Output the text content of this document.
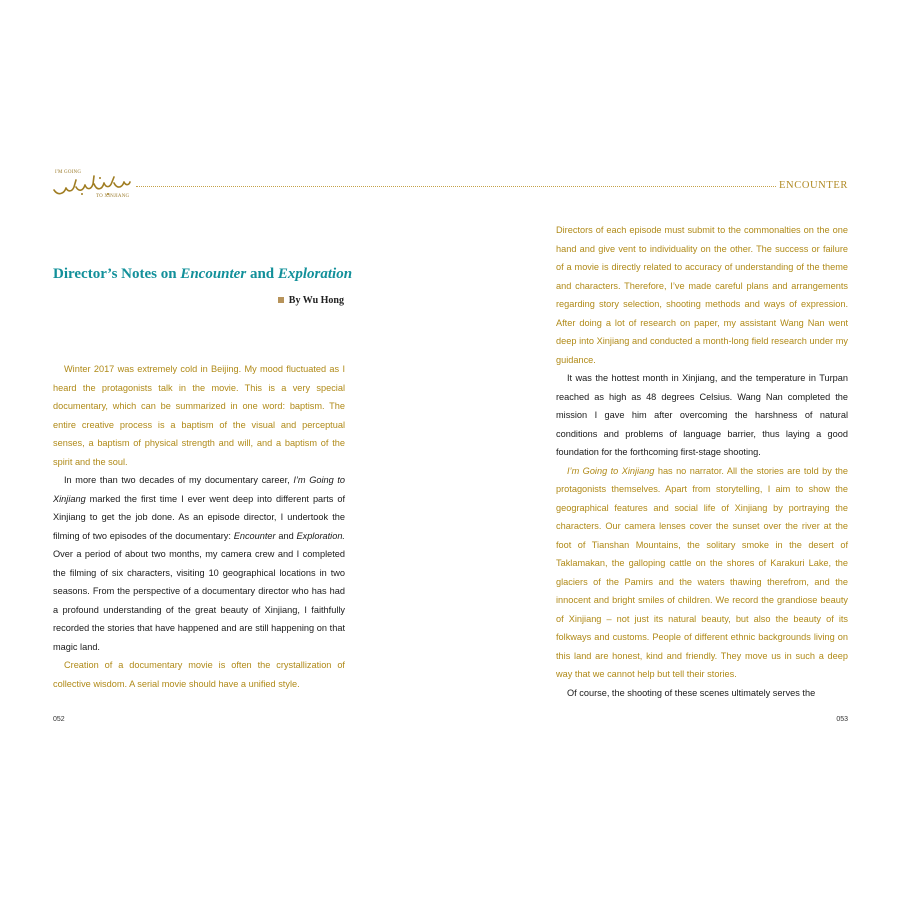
I'M GOING
TO XINJIANG
ENCOUNTER
Director’s Notes on Encounter and Exploration
By Wu Hong

Winter 2017 was extremely cold in Beijing. My mood fluctuated as I heard the protagonists talk in the movie. This is a very special documentary, which can be summarized in one word: baptism. The entire creative process is a baptism of the visual and perceptual senses, a baptism of physical strength and will, and a baptism of the spirit and the soul.

In more than two decades of my documentary career, I’m Going to Xinjiang marked the first time I ever went deep into different parts of Xinjiang to get the job done. As an episode director, I undertook the filming of two episodes of the documentary: Encounter and Exploration. Over a period of about two months, my camera crew and I completed the filming of six characters, visiting 10 geographical locations in two seasons. From the perspective of a documentary director who has had a profound understanding of the great beauty of Xinjiang, I faithfully recorded the stories that have happened and are still happening on that magic land.

Creation of a documentary movie is often the crystallization of collective wisdom. A serial movie should have a unified style.

Directors of each episode must submit to the commonalties on the one hand and give vent to individuality on the other. The success or failure of a movie is directly related to accuracy of understanding of the theme and characters. Therefore, I’ve made careful plans and arrangements regarding story selection, shooting methods and ways of expression. After doing a lot of research on paper, my assistant Wang Nan went deep into Xinjiang and conducted a month-long field research under my guidance.

It was the hottest month in Xinjiang, and the temperature in Turpan reached as high as 48 degrees Celsius. Wang Nan completed the mission I gave him after overcoming the harshness of natural conditions and problems of language barrier, thus laying a good foundation for the forthcoming first-stage shooting.

I’m Going to Xinjiang has no narrator. All the stories are told by the protagonists themselves. Apart from storytelling, I aim to show the geographical features and social life of Xinjiang by portraying the characters. Our camera lenses cover the sunset over the river at the foot of Tianshan Mountains, the solitary smoke in the desert of Taklamakan, the galloping cattle on the shores of Karakuri Lake, the glaciers of the Pamirs and the waters thawing therefrom, and the innocent and bright smiles of children. We record the grandiose beauty of Xinjiang – not just its natural beauty, but also the beauty of its folkways and customs. People of different ethnic backgrounds living on this land are honest, kind and friendly. They move us in such a deep way that we cannot help but tell their stories.

Of course, the shooting of these scenes ultimately serves the

052	053
